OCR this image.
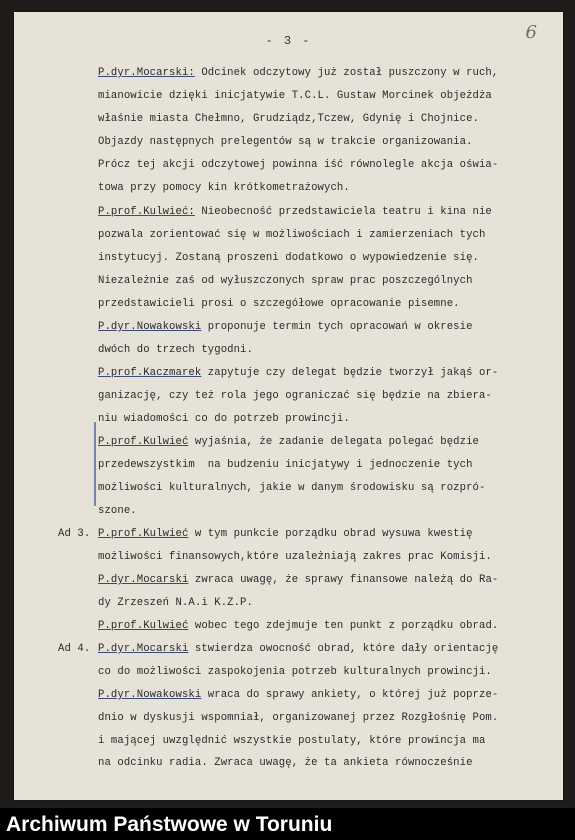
- 3 -	6
P.dyr.Mocarski: Odcinek odczytowy już został puszczony w ruch,
mianowicie dzięki inicjatywie T.C.L. Gustaw Morcinek objeżdża
właśnie miasta Chełmno, Grudziądz,Tczew, Gdynię i Chojnice.
Objazdy następnych prelegentów są w trakcie organizowania.
Prócz tej akcji odczytowej powinna iść równolegle akcja oświa-
towa przy pomocy kin krótkometrażowych.
P.prof.Kulwieć: Nieobecność przedstawiciela teatru i kina nie
pozwala zorientować się w możliwościach i zamierzeniach tych
instytucyj. Zostaną proszeni dodatkowo o wypowiedzenie się.
Niezależnie zaś od wyłuszczonych spraw prac poszczególnych
przedstawicieli prosi o szczegółowe opracowanie pisemne.
P.dyr.Nowakowski proponuje termin tych opracowań w okresie
dwóch do trzech tygodni.
P.prof.Kaczmarek zapytuje czy delegat będzie tworzył jakąś or-
ganizację, czy też rola jego ograniczać się będzie na zbiera-
niu wiadomości co do potrzeb prowincji.
P.prof.Kulwieć wyjaśnia, że zadanie delegata polegać będzie
przedewszystkim  na budzeniu inicjatywy i jednoczenie tych
możliwości kulturalnych, jakie w danym środowisku są rozpró-
szone.
Ad 3. P.prof.Kulwieć w tym punkcie porządku obrad wysuwa kwestię
możliwości finansowych,które uzależniają zakres prac Komisji.
P.dyr.Mocarski zwraca uwagę, że sprawy finansowe należą do Ra-
dy Zrzeszeń N.A.i K.Z.P.
P.prof.Kulwieć wobec tego zdejmuje ten punkt z porządku obrad.
Ad 4. P.dyr.Mocarski stwierdza owocność obrad, które dały orientację
co do możliwości zaspokojenia potrzeb kulturalnych prowincji.
P.dyr.Nowakowski wraca do sprawy ankiety, o której już poprze-
dnio w dyskusji wspomniał, organizowanej przez Rozgłośnię Pom.
i mającej uwzględnić wszystkie postulaty, które prowincja ma
na odcinku radia. Zwraca uwagę, że ta ankieta równocześnie
Archiwum Państwowe w Toruniu
